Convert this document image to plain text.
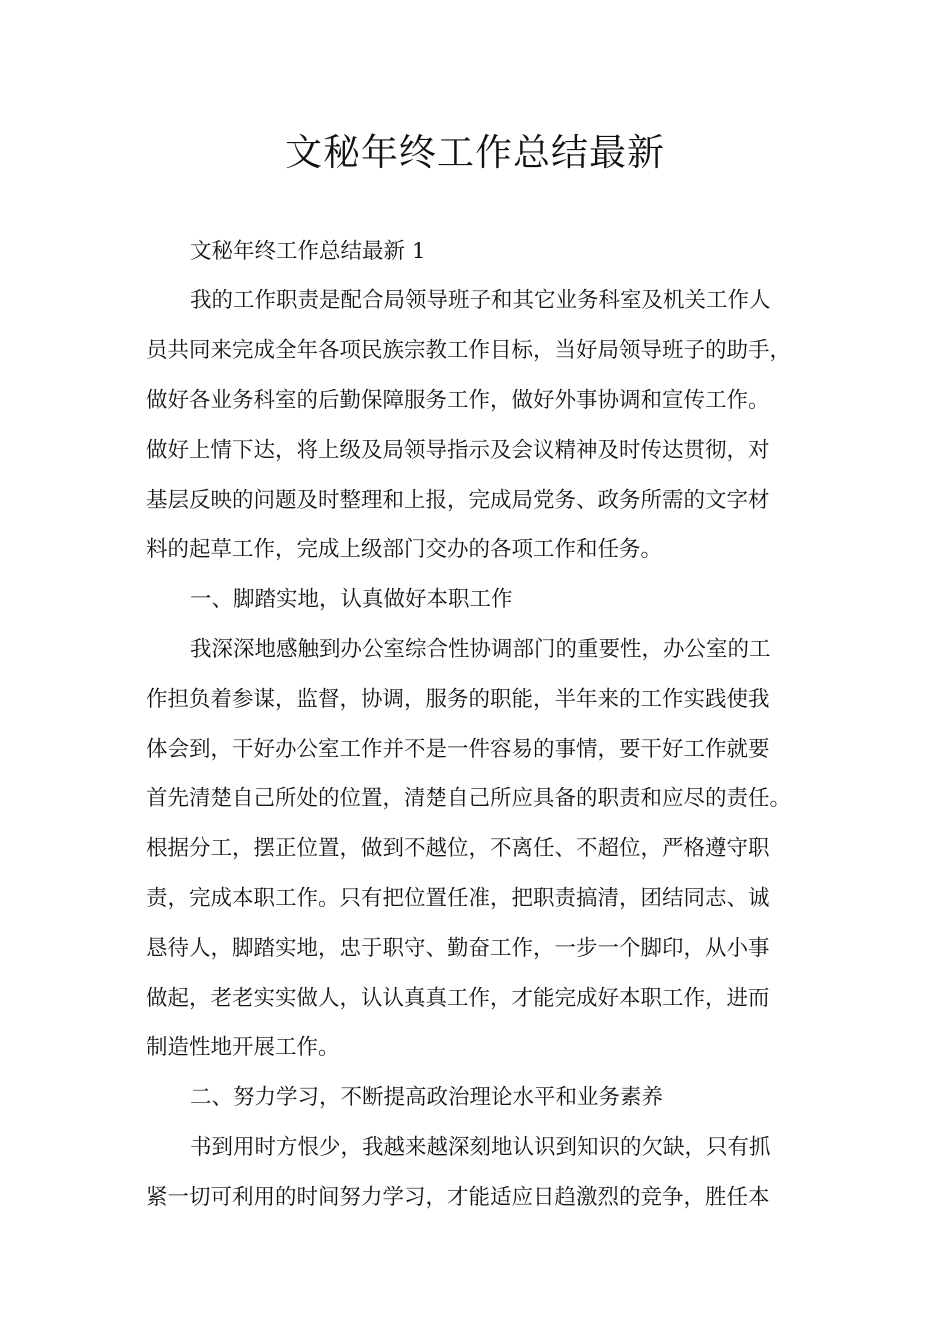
文秘年终工作总结最新
文秘年终工作总结最新 1
我的工作职责是配合局领导班子和其它业务科室及机关工作人
员共同来完成全年各项民族宗教工作目标，当好局领导班子的助手，
做好各业务科室的后勤保障服务工作，做好外事协调和宣传工作。
做好上情下达，将上级及局领导指示及会议精神及时传达贯彻，对
基层反映的问题及时整理和上报，完成局党务、政务所需的文字材
料的起草工作，完成上级部门交办的各项工作和任务。
一、脚踏实地，认真做好本职工作
我深深地感触到办公室综合性协调部门的重要性，办公室的工
作担负着参谋，监督，协调，服务的职能，半年来的工作实践使我
体会到，干好办公室工作并不是一件容易的事情，要干好工作就要
首先清楚自己所处的位置，清楚自己所应具备的职责和应尽的责任。
根据分工，摆正位置，做到不越位，不离任、不超位，严格遵守职
责，完成本职工作。只有把位置任准，把职责搞清，团结同志、诚
恳待人，脚踏实地，忠于职守、勤奋工作，一步一个脚印，从小事
做起，老老实实做人，认认真真工作，才能完成好本职工作，进而
制造性地开展工作。
二、努力学习，不断提高政治理论水平和业务素养
书到用时方恨少，我越来越深刻地认识到知识的欠缺，只有抓
紧一切可利用的时间努力学习，才能适应日趋激烈的竞争，胜任本
